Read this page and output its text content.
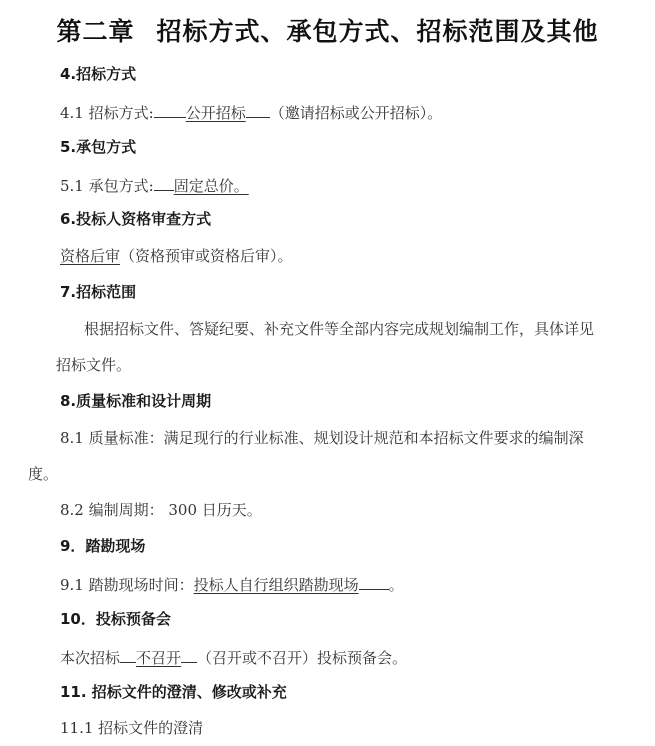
第二章 招标方式、承包方式、招标范围及其他
4.招标方式
4.1 招标方式: 公开招标 （邀请招标或公开招标）。
5.承包方式
5.1 承包方式: 固定总价。
6.投标人资格审查方式
资格后审（资格预审或资格后审）。
7.招标范围
根据招标文件、答疑纪要、补充文件等全部内容完成规划编制工作，具体详见
招标文件。
8.质量标准和设计周期
8.1 质量标准：满足现行的行业标准、规划设计规范和本招标文件要求的编制深
度。
8.2 编制周期： 300 日历天。
9．踏勘现场
9.1 踏勘现场时间：投标人自行组织踏勘现场 。
10．投标预备会
本次招标 不召开 （召开或不召开）投标预备会。
11. 招标文件的澄清、修改或补充
11.1 招标文件的澄清
